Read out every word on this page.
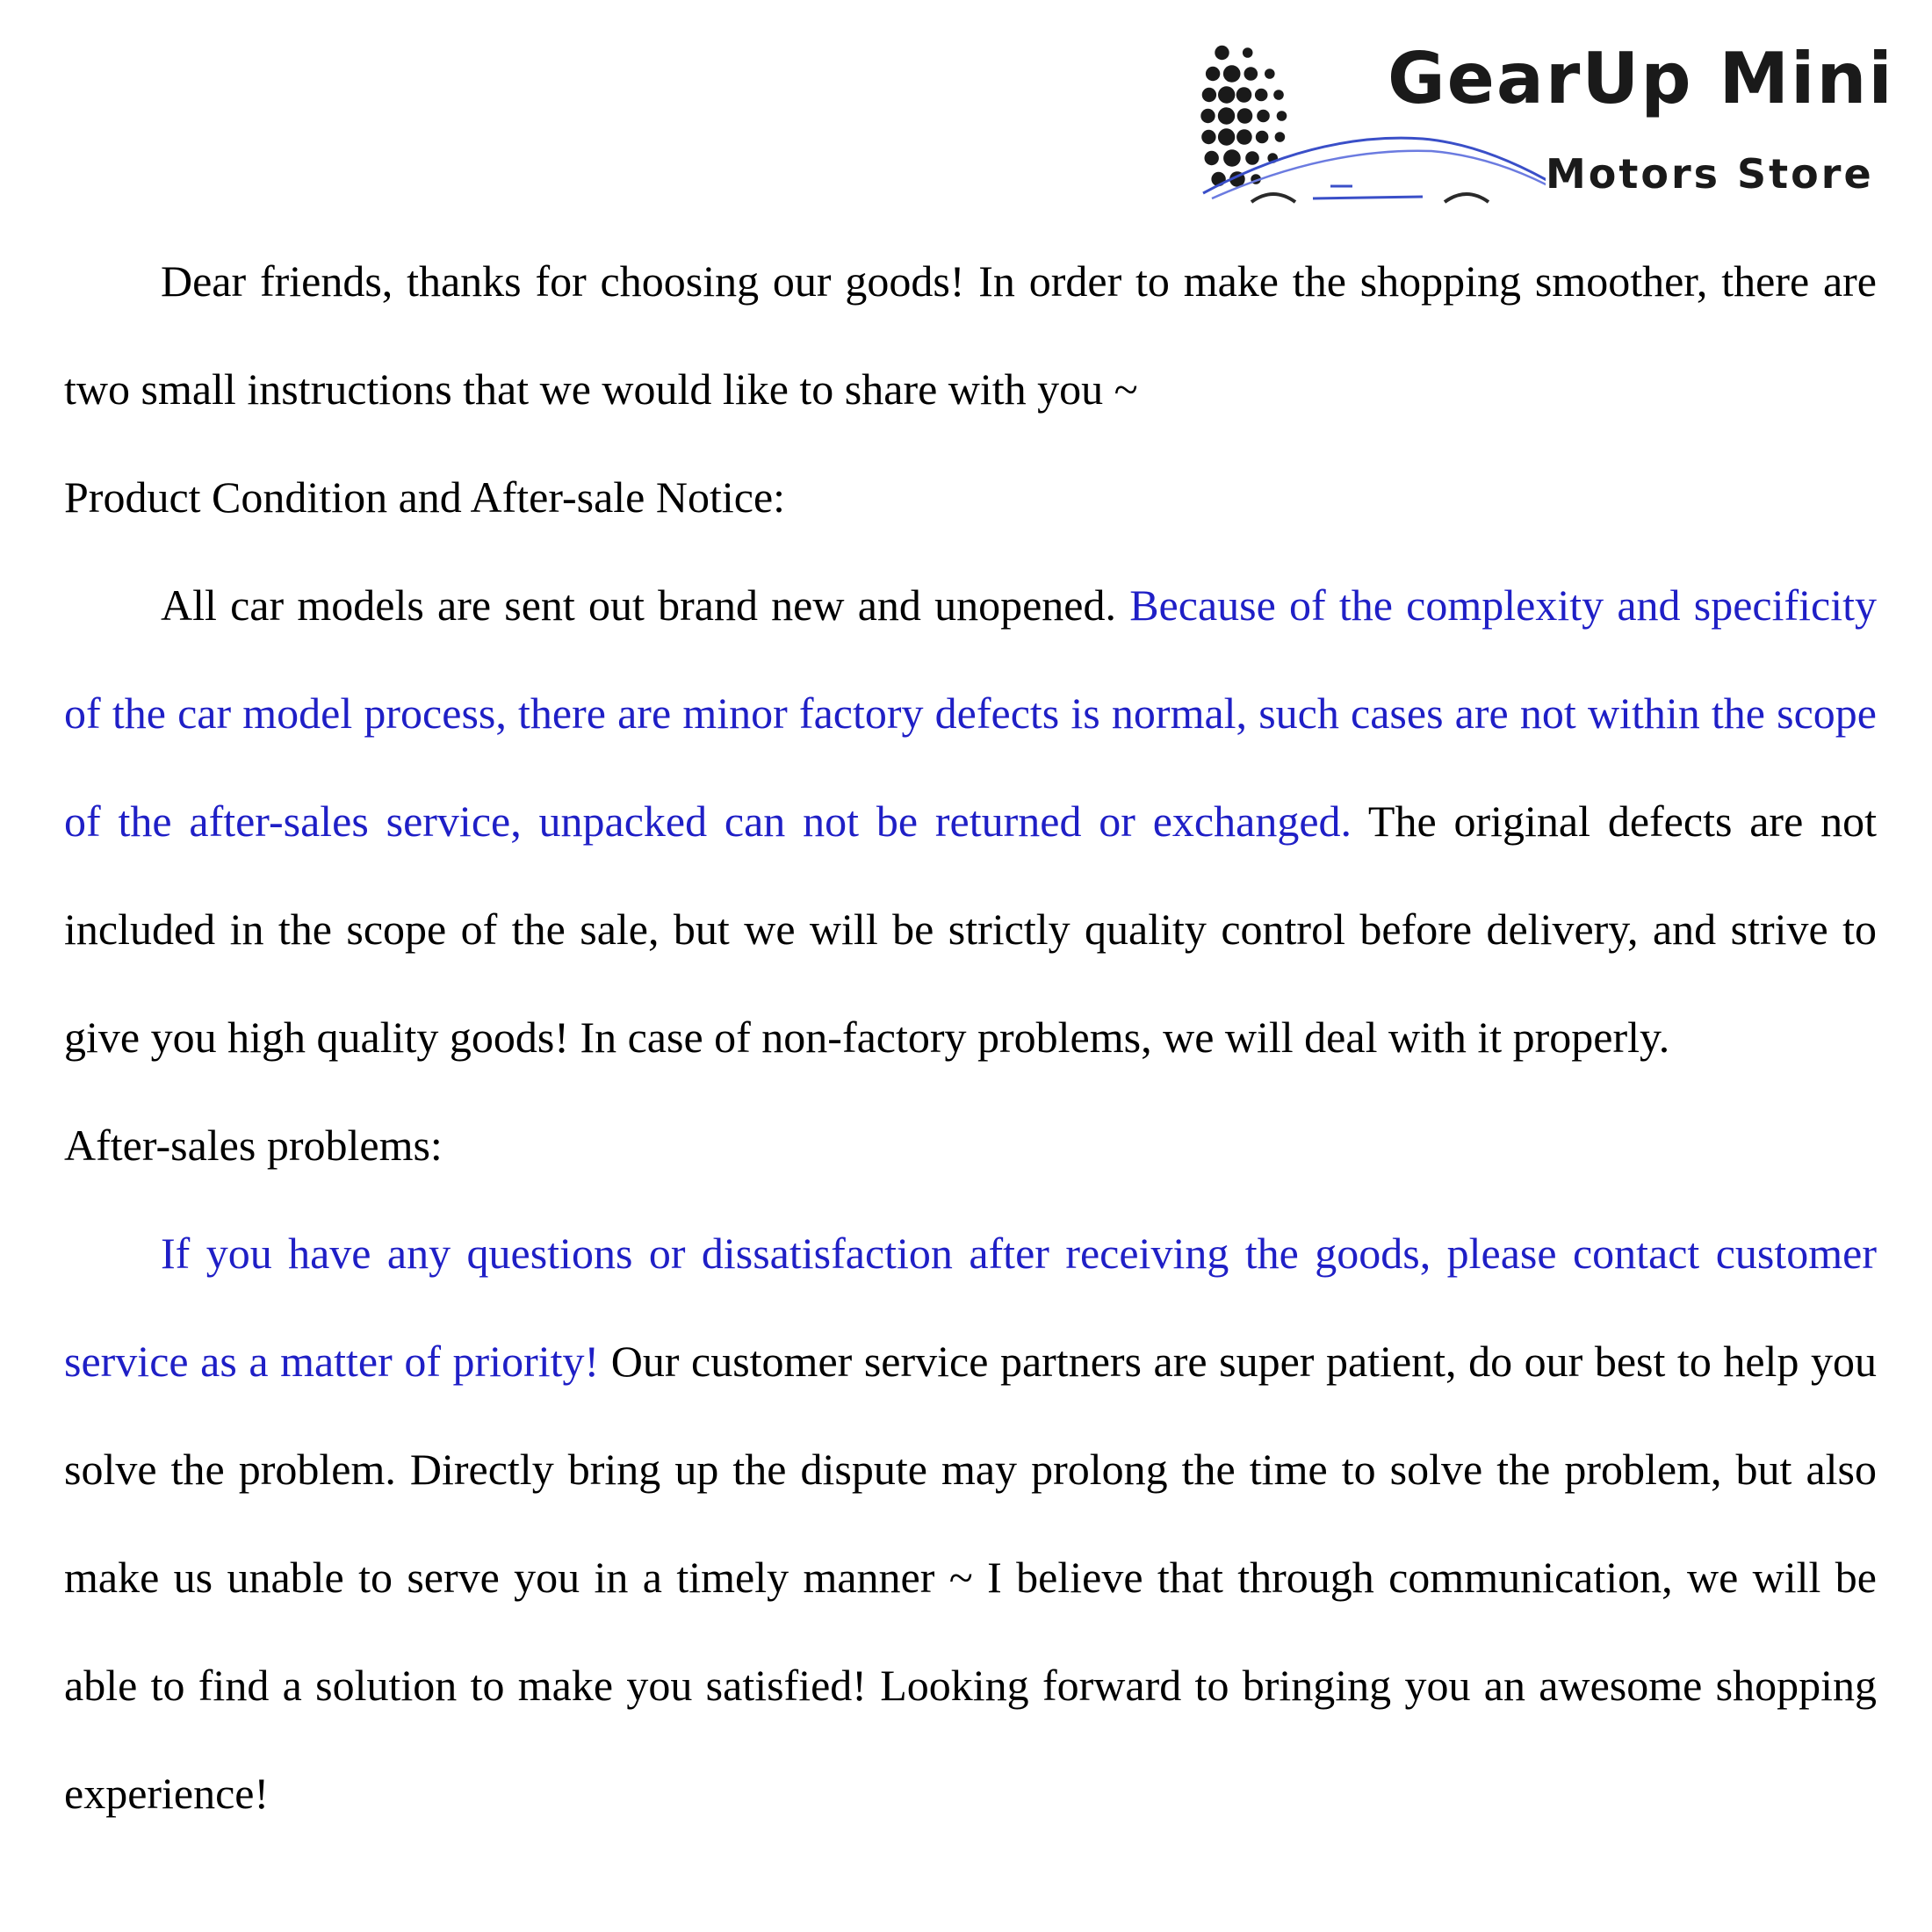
GearUp Mini
Motors Store

Dear friends, thanks for choosing our goods! In order to make the shopping smoother, there are two small instructions that we would like to share with you ~

Product Condition and After-sale Notice:

All car models are sent out brand new and unopened. Because of the complexity and specificity of the car model process, there are minor factory defects is normal, such cases are not within the scope of the after-sales service, unpacked can not be returned or exchanged. The original defects are not included in the scope of the sale, but we will be strictly quality control before delivery, and strive to give you high quality goods! In case of non-factory problems, we will deal with it properly.

After-sales problems:

If you have any questions or dissatisfaction after receiving the goods, please contact customer service as a matter of priority! Our customer service partners are super patient, do our best to help you solve the problem. Directly bring up the dispute may prolong the time to solve the problem, but also make us unable to serve you in a timely manner ~ I believe that through communication, we will be able to find a solution to make you satisfied! Looking forward to bringing you an awesome shopping experience!
